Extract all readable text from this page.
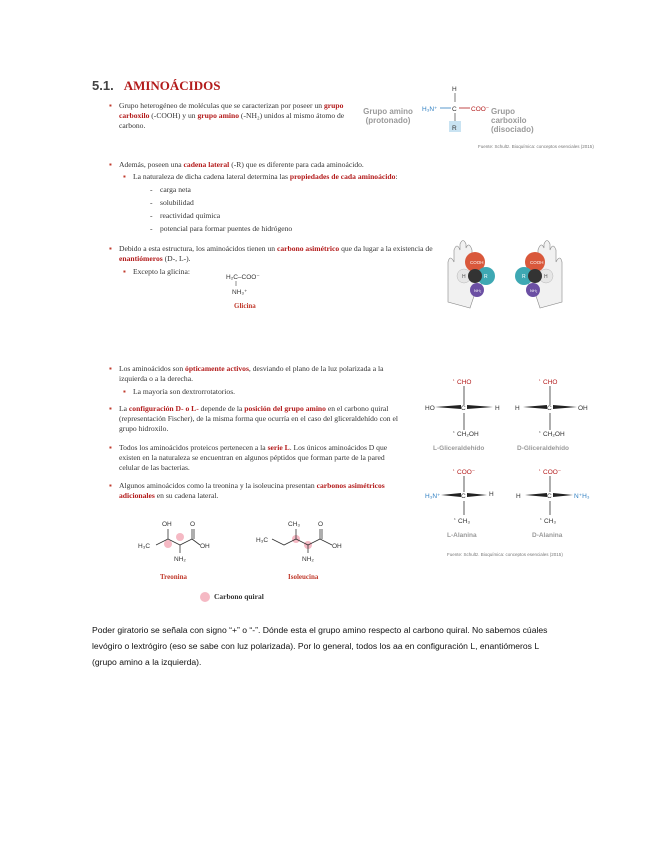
5.1. AMINOÁCIDOS
▪ Grupo heterogéneo de moléculas que se caracterizan por poseer un grupo carboxilo (-COOH) y un grupo amino (-NH₂) unidos al mismo átomo de carbono.
Grupo amino (protonado)
Grupo carboxilo (disociado)
H
C
H₃N⁺	COO⁻
R
Fuente: Schultz. Bioquímica: conceptos esenciales (2015)
▪ Además, poseen una cadena lateral (-R) que es diferente para cada aminoácido.
▪ La naturaleza de dicha cadena lateral determina las propiedades de cada aminoácido:
- carga neta
- solubilidad
- reactividad química
- potencial para formar puentes de hidrógeno
▪ Debido a esta estructura, los aminoácidos tienen un carbono asimétrico que da lugar a la existencia de enantiómeros (D-, L-).
▪ Excepto la glicina:
H₂C–COO⁻
NH₃⁺
Glicina
COOH
R
H
NH₂
COOH
R	H
NH₂
▪ Los aminoácidos son ópticamente activos, desviando el plano de la luz polarizada a la izquierda o a la derecha.
▪ La mayoría son dextrorrotatorios.
▪ La configuración D- o L- depende de la posición del grupo amino en el carbono quiral (representación Fischer), de la misma forma que ocurría en el caso del gliceraldehído con el grupo hidroxilo.
▪ Todos los aminoácidos proteicos pertenecen a la serie L. Los únicos aminoácidos D que existen en la naturaleza se encuentran en algunos péptidos que forman parte de la pared celular de las bacterias.
▪ Algunos aminoácidos como la treonina y la isoleucina presentan carbonos asimétricos adicionales en su cadena lateral.
CHO
¹
C
HO	H
CH₂OH
³
L-Gliceraldehído
CHO
¹
C
H	OH
CH₂OH
³
D-Gliceraldehído
COO⁻
¹
C
H₃N⁺	H
CH₃
³
L-Alanina
COO⁻
¹
C
H	N⁺H₃
CH₃
³
D-Alanina
Fuente: Schultz. Bioquímica: conceptos esenciales (2015)
OH	O
H₃C	OH
NH₂
Treonina
CH₃	O
H₃C
OH
NH₂
Isoleucina
Carbono quiral
Poder giratorio se señala con signo “+” o “-”. Dónde esta el grupo amino respecto al carbono quiral. No sabemos cúales levógiro o lextrógiro (eso se sabe con luz polarizada). Por lo general, todos los aa en configuración L, enantiómeros L (grupo amino a la izquierda).
